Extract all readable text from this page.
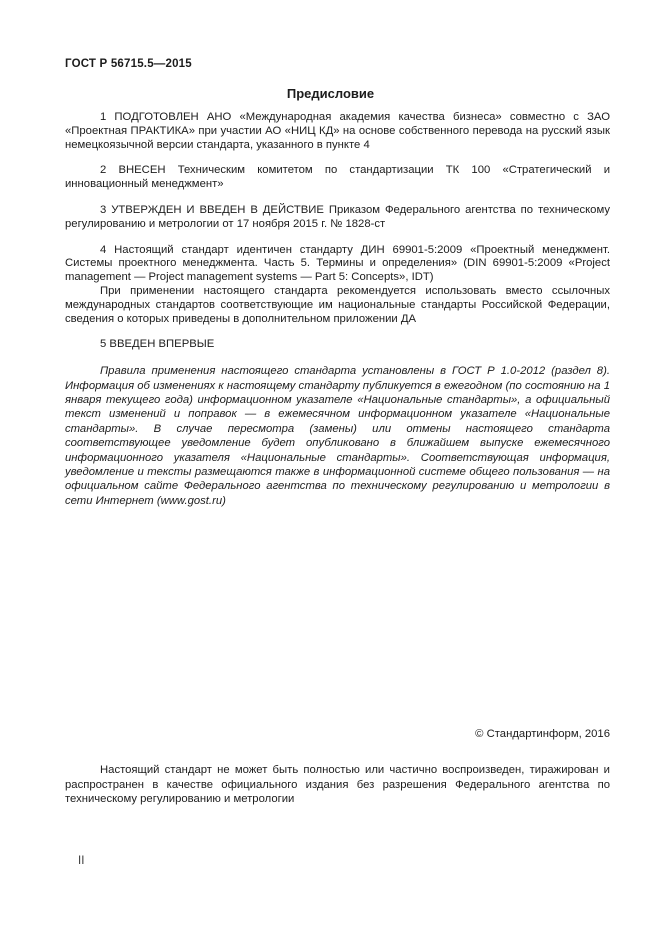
ГОСТ Р 56715.5—2015
Предисловие

1 ПОДГОТОВЛЕН АНО «Международная академия качества бизнеса» совместно с ЗАО «Проектная ПРАКТИКА» при участии АО «НИЦ КД» на основе собственного перевода на русский язык немецкоязычной версии стандарта, указанного в пункте 4

2 ВНЕСЕН Техническим комитетом по стандартизации ТК 100 «Стратегический и инновационный менеджмент»

3 УТВЕРЖДЕН И ВВЕДЕН В ДЕЙСТВИЕ Приказом Федерального агентства по техническому регулированию и метрологии от 17 ноября 2015 г. № 1828-ст

4 Настоящий стандарт идентичен стандарту ДИН 69901-5:2009 «Проектный менеджмент. Системы проектного менеджмента. Часть 5. Термины и определения» (DIN 69901-5:2009 «Project management — Project management systems — Part 5: Concepts», IDT)

При применении настоящего стандарта рекомендуется использовать вместо ссылочных международных стандартов соответствующие им национальные стандарты Российской Федерации, сведения о которых приведены в дополнительном приложении ДА

5 ВВЕДЕН ВПЕРВЫЕ

Правила применения настоящего стандарта установлены в ГОСТ Р 1.0-2012 (раздел 8). Информация об изменениях к настоящему стандарту публикуется в ежегодном (по состоянию на 1 января текущего года) информационном указателе «Национальные стандарты», а официальный текст изменений и поправок — в ежемесячном информационном указателе «Национальные стандарты». В случае пересмотра (замены) или отмены настоящего стандарта соответствующее уведомление будет опубликовано в ближайшем выпуске ежемесячного информационного указателя «Национальные стандарты». Соответствующая информация, уведомление и тексты размещаются также в информационной системе общего пользования — на официальном сайте Федерального агентства по техническому регулированию и метрологии в сети Интернет (www.gost.ru)

© Стандартинформ, 2016

Настоящий стандарт не может быть полностью или частично воспроизведен, тиражирован и распространен в качестве официального издания без разрешения Федерального агентства по техническому регулированию и метрологии

II
